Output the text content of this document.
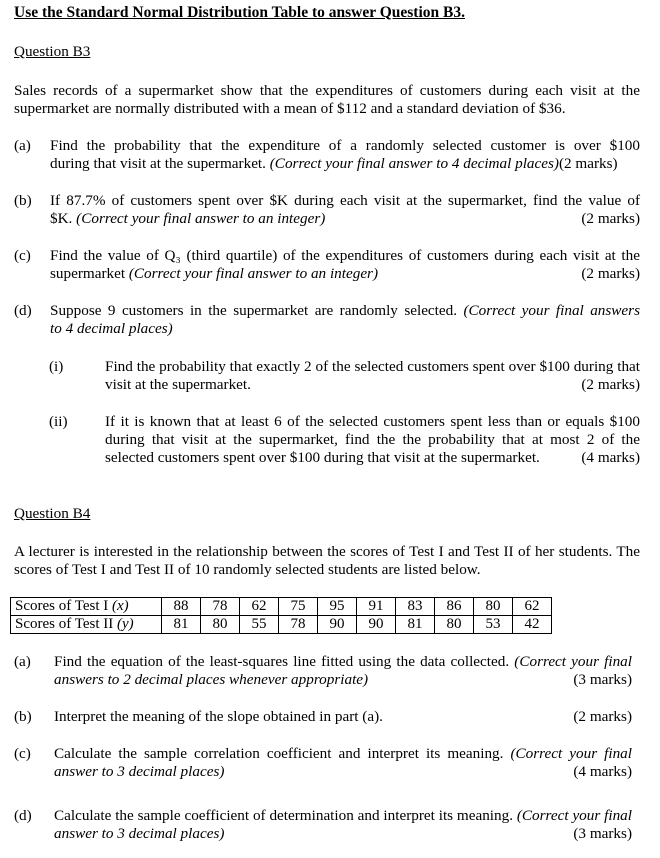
Use the Standard Normal Distribution Table to answer Question B3.
Question B3
Sales records of a supermarket show that the expenditures of customers during each visit at the supermarket are normally distributed with a mean of $112 and a standard deviation of $36.
(a) Find the probability that the expenditure of a randomly selected customer is over $100
during that visit at the supermarket. (Correct your final answer to 4 decimal places)(2 marks)
(b) If 87.7% of customers spent over $K during each visit at the supermarket, find the value of
$K. (Correct your final answer to an integer)	(2 marks)
(c) Find the value of Q₃ (third quartile) of the expenditures of customers during each visit at the
supermarket (Correct your final answer to an integer)	(2 marks)
(d) Suppose 9 customers in the supermarket are randomly selected. (Correct your final answers
to 4 decimal places)
(i)	Find the probability that exactly 2 of the selected customers spent over $100 during that visit at the supermarket.	(2 marks)
(ii) If it is known that at least 6 of the selected customers spent less than or equals $100 during that visit at the supermarket, find the the probability that at most 2 of the selected customers spent over $100 during that visit at the supermarket.	(4 marks)
Question B4
A lecturer is interested in the relationship between the scores of Test I and Test II of her students. The scores of Test I and Test II of 10 randomly selected students are listed below.
Scores of Test I (x)	88	78	62	75	95	91	83	86	80	62
Scores of Test II (y)	81	80	55	78	90	90	81	80	53	42
(a) Find the equation of the least-squares line fitted using the data collected. (Correct your final answers to 2 decimal places whenever appropriate)	(3 marks)
(b) Interpret the meaning of the slope obtained in part (a).	(2 marks)
(c) Calculate the sample correlation coefficient and interpret its meaning. (Correct your final answer to 3 decimal places)	(4 marks)
(d) Calculate the sample coefficient of determination and interpret its meaning. (Correct your final answer to 3 decimal places)	(3 marks)
